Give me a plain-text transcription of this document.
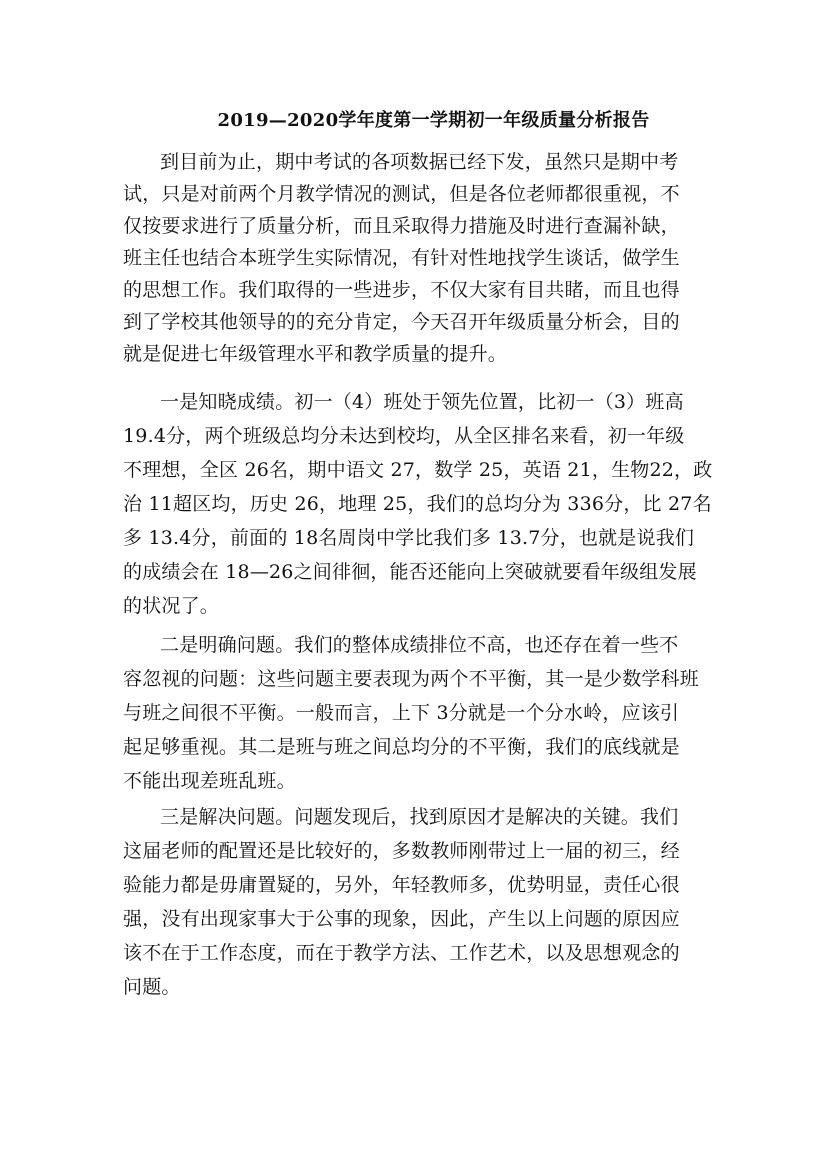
2019—2020学年度第一学期初一年级质量分析报告
到目前为止，期中考试的各项数据已经下发，虽然只是期中考
试，只是对前两个月教学情况的测试，但是各位老师都很重视，不
仅按要求进行了质量分析，而且采取得力措施及时进行查漏补缺，
班主任也结合本班学生实际情况，有针对性地找学生谈话，做学生
的思想工作。我们取得的一些进步，不仅大家有目共睹，而且也得
到了学校其他领导的的充分肯定，今天召开年级质量分析会，目的
就是促进七年级管理水平和教学质量的提升。
一是知晓成绩。初一（4）班处于领先位置，比初一（3）班高
19.4分，两个班级总均分未达到校均，从全区排名来看，初一年级
不理想，全区 26名，期中语文 27，数学 25，英语 21，生物22，政
治 11超区均，历史 26，地理 25，我们的总均分为 336分，比 27名
多 13.4分，前面的 18名周岗中学比我们多 13.7分，也就是说我们
的成绩会在 18—26之间徘徊，能否还能向上突破就要看年级组发展
的状况了。
二是明确问题。我们的整体成绩排位不高，也还存在着一些不
容忽视的问题：这些问题主要表现为两个不平衡，其一是少数学科班
与班之间很不平衡。一般而言，上下 3分就是一个分水岭，应该引
起足够重视。其二是班与班之间总均分的不平衡，我们的底线就是
不能出现差班乱班。
三是解决问题。问题发现后，找到原因才是解决的关键。我们
这届老师的配置还是比较好的，多数教师刚带过上一届的初三，经
验能力都是毋庸置疑的，另外，年轻教师多，优势明显，责任心很
强，没有出现家事大于公事的现象，因此，产生以上问题的原因应
该不在于工作态度，而在于教学方法、工作艺术，以及思想观念的
问题。
